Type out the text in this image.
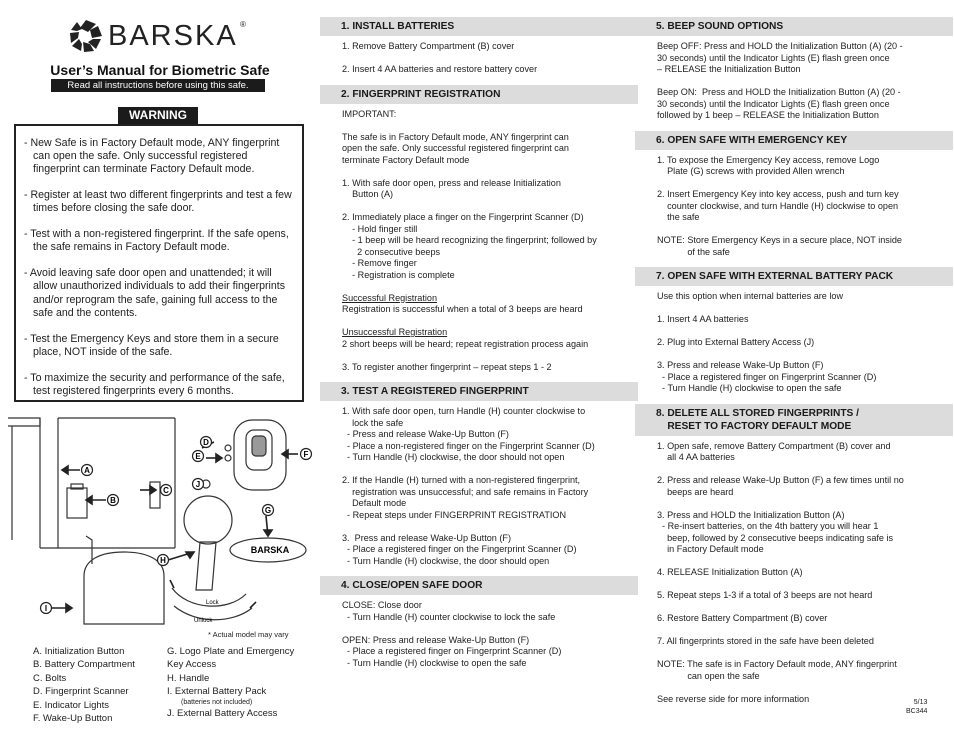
BARSKA ®
User’s Manual for Biometric Safe
Read all instructions before using this safe.
WARNING
- New Safe is in Factory Default mode, ANY fingerprint can open the safe. Only successful registered fingerprint can terminate Factory Default mode.
- Register at least two different fingerprints and test a few times before closing the safe door.
- Test with a non-registered fingerprint. If the safe opens, the safe remains in Factory Default mode.
- Avoid leaving safe door open and unattended; it will allow unauthorized individuals to add their fingerprints and/or reprogram the safe, gaining full access to the safe and the contents.
- Test the Emergency Keys and store them in a secure place, NOT inside of the safe.
- To maximize the security and performance of the safe, test registered fingerprints every 6 months.
A
B
C
D
E	F
G
H
I
J
BARSKA
Lock
Unlock
* Actual model may vary
A. Initialization Button
B. Battery Compartment
C. Bolts
D. Fingerprint Scanner
E. Indicator Lights
F. Wake-Up Button
G. Logo Plate and Emergency
Key Access
H. Handle
I. External Battery Pack
(batteries not included)
J. External Battery Access
1. INSTALL BATTERIES
1. Remove Battery Compartment (B) cover
2. Insert 4 AA batteries and restore battery cover
2. FINGERPRINT REGISTRATION
IMPORTANT:
The safe is in Factory Default mode, ANY fingerprint can
open the safe. Only successful registered fingerprint can
terminate Factory Default mode
1. With safe door open, press and release Initialization
Button (A)
2. Immediately place a finger on the Fingerprint Scanner (D)
- Hold finger still
- 1 beep will be heard recognizing the fingerprint; followed by
2 consecutive beeps
- Remove finger
- Registration is complete
Successful Registration
Registration is successful when a total of 3 beeps are heard
Unsuccessful Registration
2 short beeps will be heard; repeat registration process again
3. To register another fingerprint – repeat steps 1 - 2
3. TEST A REGISTERED FINGERPRINT
1. With safe door open, turn Handle (H) counter clockwise to
lock the safe
- Press and release Wake-Up Button (F)
- Place a non-registered finger on the Fingerprint Scanner (D)
- Turn Handle (H) clockwise, the door should not open
2. If the Handle (H) turned with a non-registered fingerprint,
registration was unsuccessful; and safe remains in Factory
Default mode
- Repeat steps under FINGERPRINT REGISTRATION
3.  Press and release Wake-Up Button (F)
- Place a registered finger on the Fingerprint Scanner (D)
- Turn Handle (H) clockwise, the door should open
4. CLOSE/OPEN SAFE DOOR
CLOSE: Close door
- Turn Handle (H) counter clockwise to lock the safe
OPEN: Press and release Wake-Up Button (F)
- Place a registered finger on Fingerprint Scanner (D)
- Turn Handle (H) clockwise to open the safe
5. BEEP SOUND OPTIONS
Beep OFF: Press and HOLD the Initialization Button (A) (20 -
30 seconds) until the Indicator Lights (E) flash green once
– RELEASE the Initialization Button
Beep ON:  Press and HOLD the Initialization Button (A) (20 -
30 seconds) until the Indicator Lights (E) flash green once
followed by 1 beep – RELEASE the Initialization Button
6. OPEN SAFE WITH EMERGENCY KEY
1. To expose the Emergency Key access, remove Logo
Plate (G) screws with provided Allen wrench
2. Insert Emergency Key into key access, push and turn key
counter clockwise, and turn Handle (H) clockwise to open
the safe
NOTE: Store Emergency Keys in a secure place, NOT inside
of the safe
7. OPEN SAFE WITH EXTERNAL BATTERY PACK
Use this option when internal batteries are low
1. Insert 4 AA batteries
2. Plug into External Battery Access (J)
3. Press and release Wake-Up Button (F)
- Place a registered finger on Fingerprint Scanner (D)
- Turn Handle (H) clockwise to open the safe
8. DELETE ALL STORED FINGERPRINTS /
RESET TO FACTORY DEFAULT MODE
1. Open safe, remove Battery Compartment (B) cover and
all 4 AA batteries
2. Press and release Wake-Up Button (F) a few times until no
beeps are heard
3. Press and HOLD the Initialization Button (A)
- Re-insert batteries, on the 4th battery you will hear 1
beep, followed by 2 consecutive beeps indicating safe is
in Factory Default mode
4. RELEASE Initialization Button (A)
5. Repeat steps 1-3 if a total of 3 beeps are not heard
6. Restore Battery Compartment (B) cover
7. All fingerprints stored in the safe have been deleted
NOTE: The safe is in Factory Default mode, ANY fingerprint
can open the safe
See reverse side for more information	5/13
BC344
